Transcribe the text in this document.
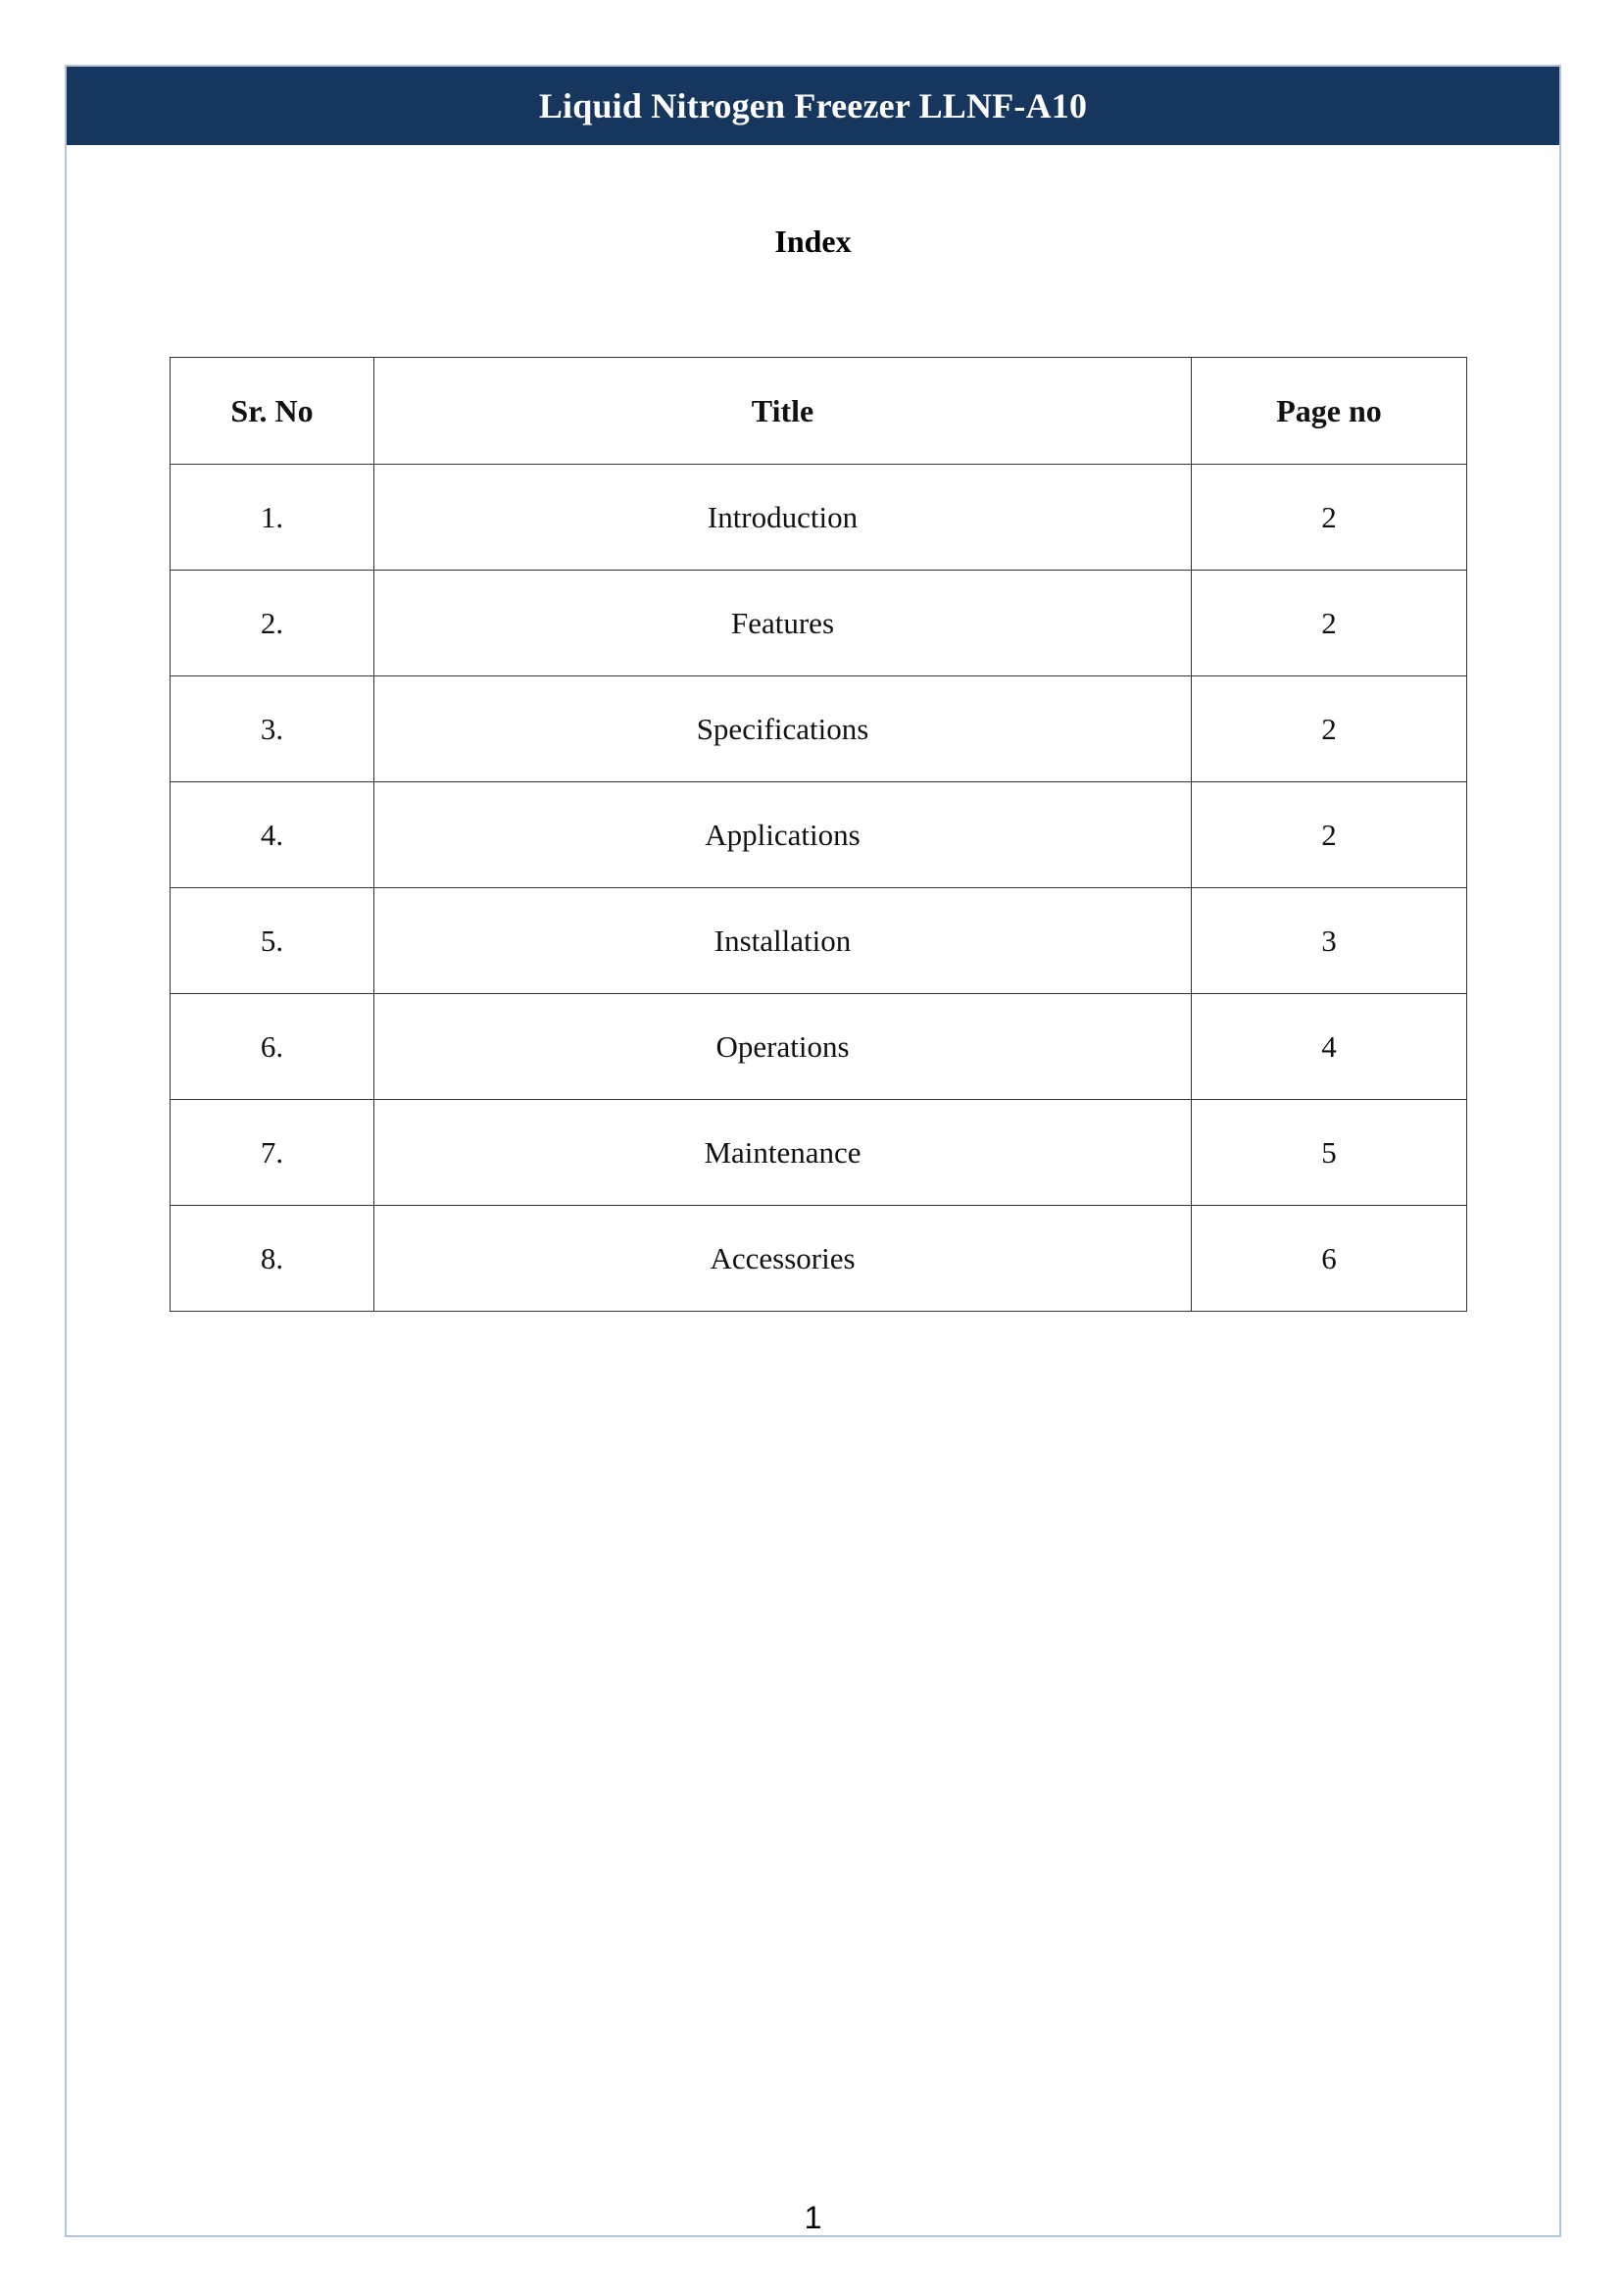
Liquid Nitrogen Freezer LLNF-A10
Index
Sr. No	Title	Page no
1.	Introduction	2
2.	Features	2
3.	Specifications	2
4.	Applications	2
5.	Installation	3
6.	Operations	4
7.	Maintenance	5
8.	Accessories	6
1
